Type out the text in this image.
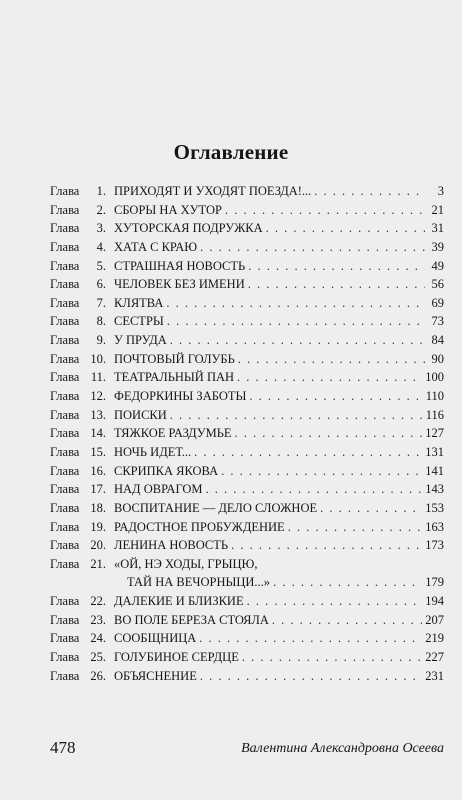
Оглавление
Глава 1. ПРИХОДЯТ И УХОДЯТ ПОЕЗДА!... . . .	3
Глава 2. СБОРЫ НА ХУТОР . . .	21
Глава 3. ХУТОРСКАЯ ПОДРУЖКА . . .	31
Глава 4. ХАТА С КРАЮ . . .	39
Глава 5. СТРАШНАЯ НОВОСТЬ . . .	49
Глава 6. ЧЕЛОВЕК БЕЗ ИМЕНИ . . .	56
Глава 7. КЛЯТВА . . .	69
Глава 8. СЕСТРЫ . . .	73
Глава 9. У ПРУДА . . .	84
Глава 10. ПОЧТОВЫЙ ГОЛУБЬ . . .	90
Глава 11. ТЕАТРАЛЬНЫЙ ПАН . . .	100
Глава 12. ФЕДОРКИНЫ ЗАБОТЫ . . .	110
Глава 13. ПОИСКИ . . .	116
Глава 14. ТЯЖКОЕ РАЗДУМЬЕ . . .	127
Глава 15. НОЧЬ ИДЕТ... . . .	131
Глава 16. СКРИПКА ЯКОВА . . .	141
Глава 17. НАД ОВРАГОМ . . .	143
Глава 18. ВОСПИТАНИЕ — ДЕЛО СЛОЖНОЕ . . .	153
Глава 19. РАДОСТНОЕ ПРОБУЖДЕНИЕ . . .	163
Глава 20. ЛЕНИНА НОВОСТЬ . . .	173
Глава 21. «ОЙ, НЭ ХОДЫ, ГРЫЦЮ,
ТАЙ НА ВЕЧОРНЫЦИ...» . . .	179
Глава 22. ДАЛЕКИЕ И БЛИЗКИЕ . . .	194
Глава 23. ВО ПОЛЕ БЕРЕЗА СТОЯЛА . . .	207
Глава 24. СООБЩНИЦА . . .	219
Глава 25. ГОЛУБИНОЕ СЕРДЦЕ . . .	227
Глава 26. ОБЪЯСНЕНИЕ . . .	231
478	Валентина Александровна Осеева
